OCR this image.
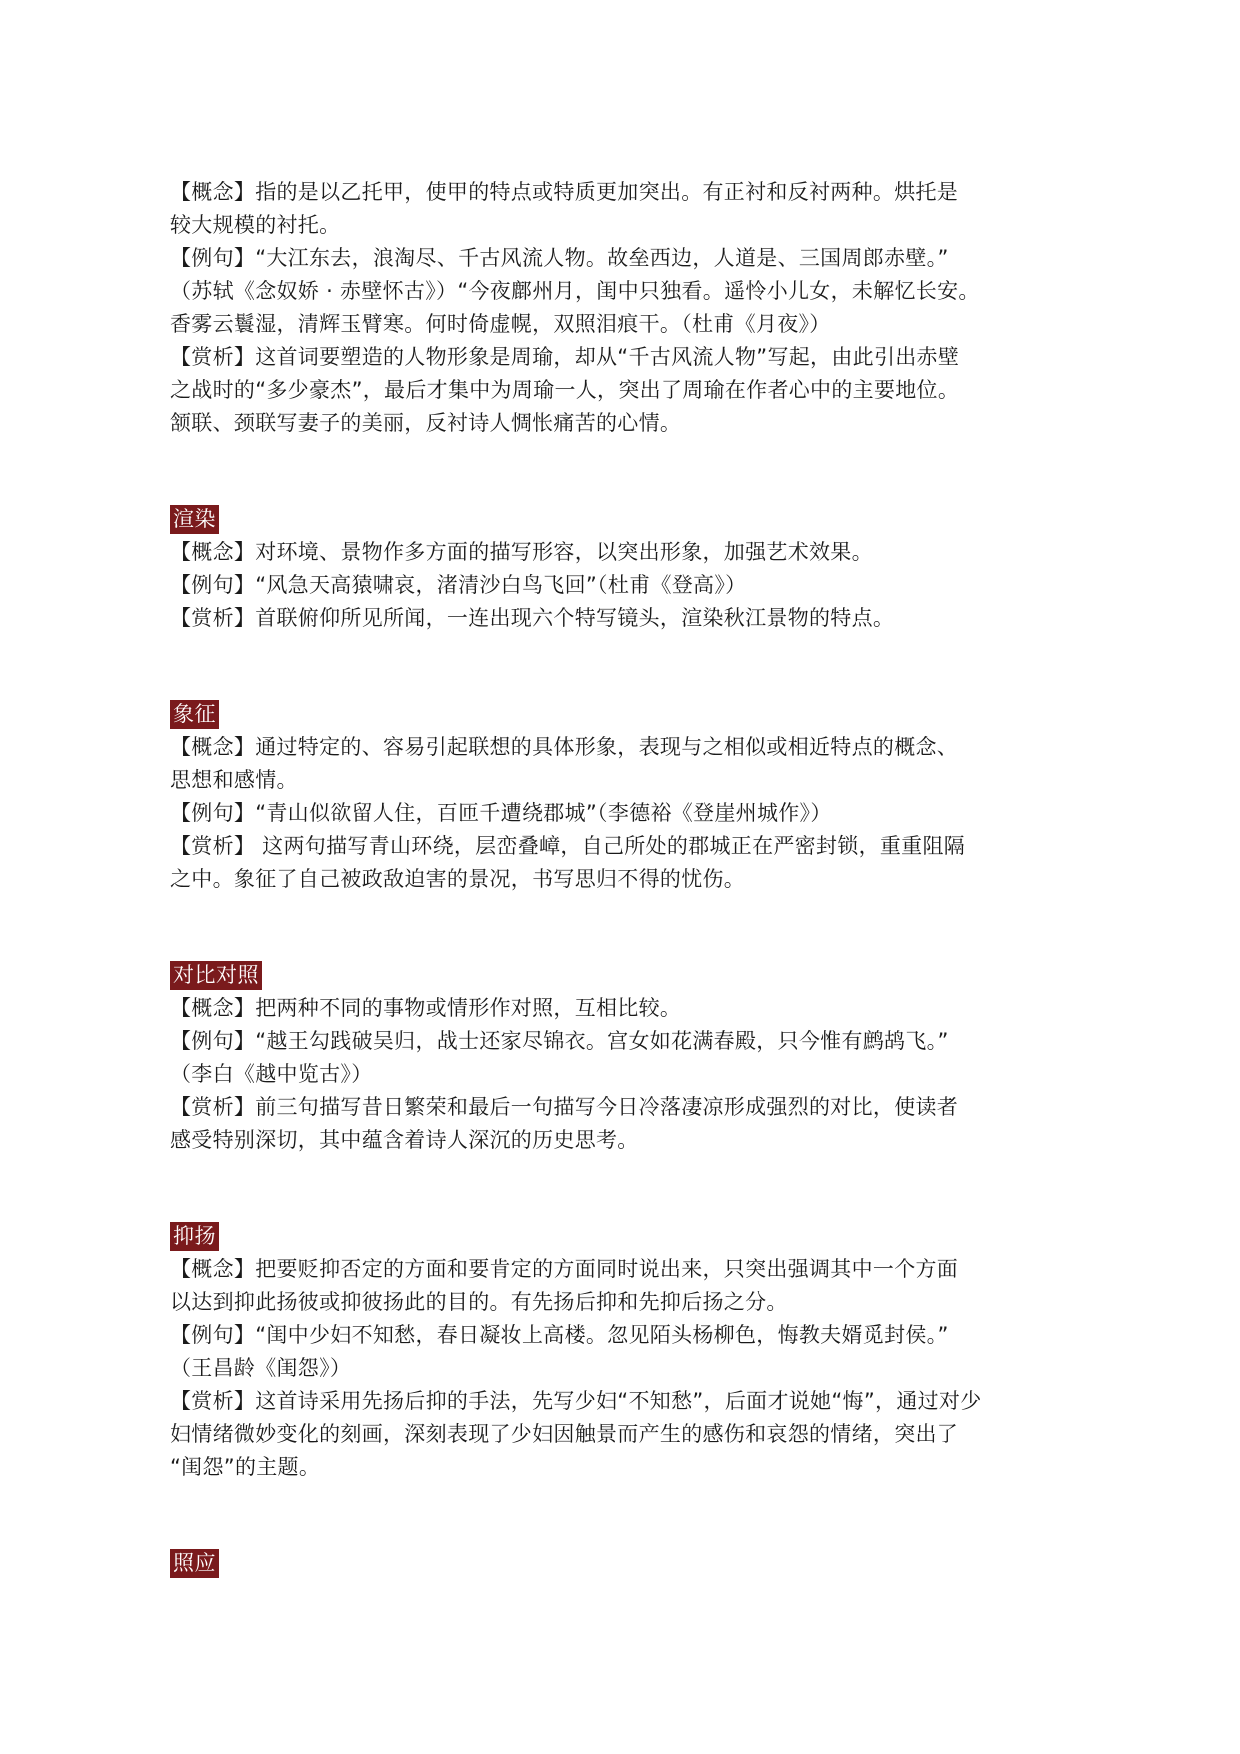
【概念】指的是以乙托甲，使甲的特点或特质更加突出。有正衬和反衬两种。烘托是
较大规模的衬托。
【例句】“大江东去，浪淘尽、千古风流人物。故垒西边，人道是、三国周郎赤壁。”
（苏轼《念奴娇 · 赤壁怀古》）“今夜鄜州月，闺中只独看。遥怜小儿女，未解忆长安。
香雾云鬟湿，清辉玉臂寒。何时倚虚幌，双照泪痕干。（杜甫《月夜》）
【赏析】这首词要塑造的人物形象是周瑜，却从“千古风流人物”写起，由此引出赤壁
之战时的“多少豪杰”，最后才集中为周瑜一人，突出了周瑜在作者心中的主要地位。
颔联、颈联写妻子的美丽，反衬诗人惆怅痛苦的心情。
渲染
【概念】对环境、景物作多方面的描写形容，以突出形象，加强艺术效果。
【例句】“风急天高猿啸哀，渚清沙白鸟飞回”（杜甫《登高》）
【赏析】首联俯仰所见所闻，一连出现六个特写镜头，渲染秋江景物的特点。
象征
【概念】通过特定的、容易引起联想的具体形象，表现与之相似或相近特点的概念、
思想和感情。
【例句】“青山似欲留人住，百匝千遭绕郡城”（李德裕《登崖州城作》）
【赏析】 这两句描写青山环绕，层峦叠嶂，自己所处的郡城正在严密封锁，重重阻隔
之中。象征了自己被政敌迫害的景况，书写思归不得的忧伤。
对比对照
【概念】把两种不同的事物或情形作对照，互相比较。
【例句】“越王勾践破吴归，战士还家尽锦衣。宫女如花满春殿，只今惟有鹧鸪飞。”
（李白《越中览古》）
【赏析】前三句描写昔日繁荣和最后一句描写今日冷落凄凉形成强烈的对比，使读者
感受特别深切，其中蕴含着诗人深沉的历史思考。
抑扬
【概念】把要贬抑否定的方面和要肯定的方面同时说出来，只突出强调其中一个方面
以达到抑此扬彼或抑彼扬此的目的。有先扬后抑和先抑后扬之分。
【例句】“闺中少妇不知愁，春日凝妆上高楼。忽见陌头杨柳色，悔教夫婿觅封侯。”
（王昌龄《闺怨》）
【赏析】这首诗采用先扬后抑的手法，先写少妇“不知愁”，后面才说她“悔”，通过对少
妇情绪微妙变化的刻画，深刻表现了少妇因触景而产生的感伤和哀怨的情绪，突出了
“闺怨”的主题。
照应
